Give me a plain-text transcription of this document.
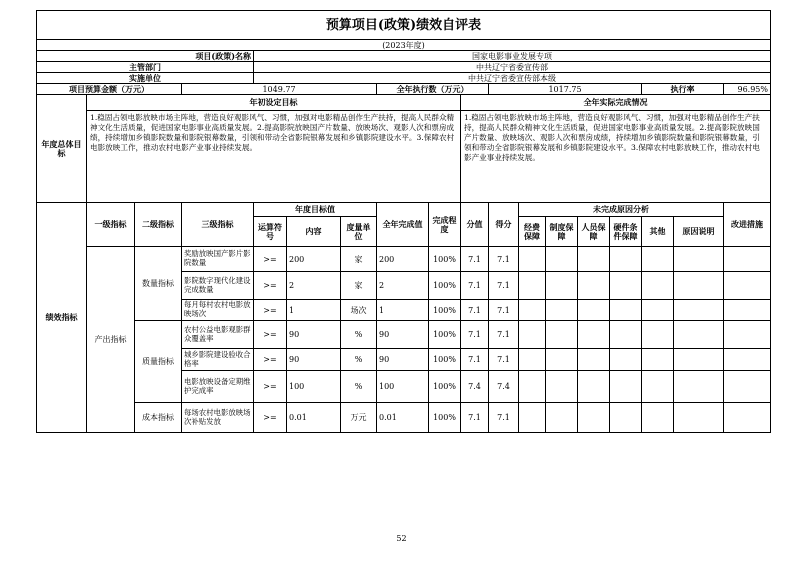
预算项目(政策)绩效自评表																	
(2023年度)																	
项目(政策)名称				国家电影事业发展专项													
主管部门				中共辽宁省委宣传部													
实施单位				中共辽宁省委宣传部本级													
项目预算金额（万元）			1049.77				全年执行数（万元）			1017.75					执行率		96.95%
年度总体目标	年初设定目标								全年实际完成情况								
	1.稳固占领电影放映市场主阵地，营造良好观影风气、习惯，加强对电影精品创作生产扶持，提高人民群众精神文化生活质量，促进国家电影事业高质量发展。2.提高影院放映国产片数量、放映场次、观影人次和票房成绩，持续增加乡镇影院数量和影院银幕数量，引领和带动全省影院银幕发展和乡镇影院建设水平。3.保障农村电影放映工作，推动农村电影产业事业持续发展。								1.稳固占领电影放映市场主阵地，营造良好观影风气、习惯，加强对电影精品创作生产扶持，提高人民群众精神文化生活质量，促进国家电影事业高质量发展。2.提高影院放映国产片数量、放映场次、观影人次和票房成绩，持续增加乡镇影院数量和影院银幕数量，引领和带动全省影院银幕发展和乡镇影院建设水平。3.保障农村电影放映工作，推动农村电影产业事业持续发展。								
绩效指标	一级指标	二级指标	三级指标	年度目标值			全年完成值	完成程度	分值	得分	未完成原因分析						改进措施
				运算符号	内容	度量单位					经费保障	制度保障	人员保障	硬件条件保障	其他	原因说明	
	产出指标	数量指标	奖励放映国产影片影院数量	>=	200	家	200	100%	7.1	7.1							
			影院数字现代化建设完成数量	>=	2	家	2	100%	7.1	7.1							
			每月每村农村电影放映场次	>=	1	场次	1	100%	7.1	7.1							
		质量指标	农村公益电影观影群众覆盖率	>=	90	%	90	100%	7.1	7.1							
			城乡影院建设验收合格率	>=	90	%	90	100%	7.1	7.1							
			电影放映设备定期维护完成率	>=	100	%	100	100%	7.4	7.4							
		成本指标	每场农村电影放映场次补贴发放	>=	0.01	万元	0.01	100%	7.1	7.1							
52
